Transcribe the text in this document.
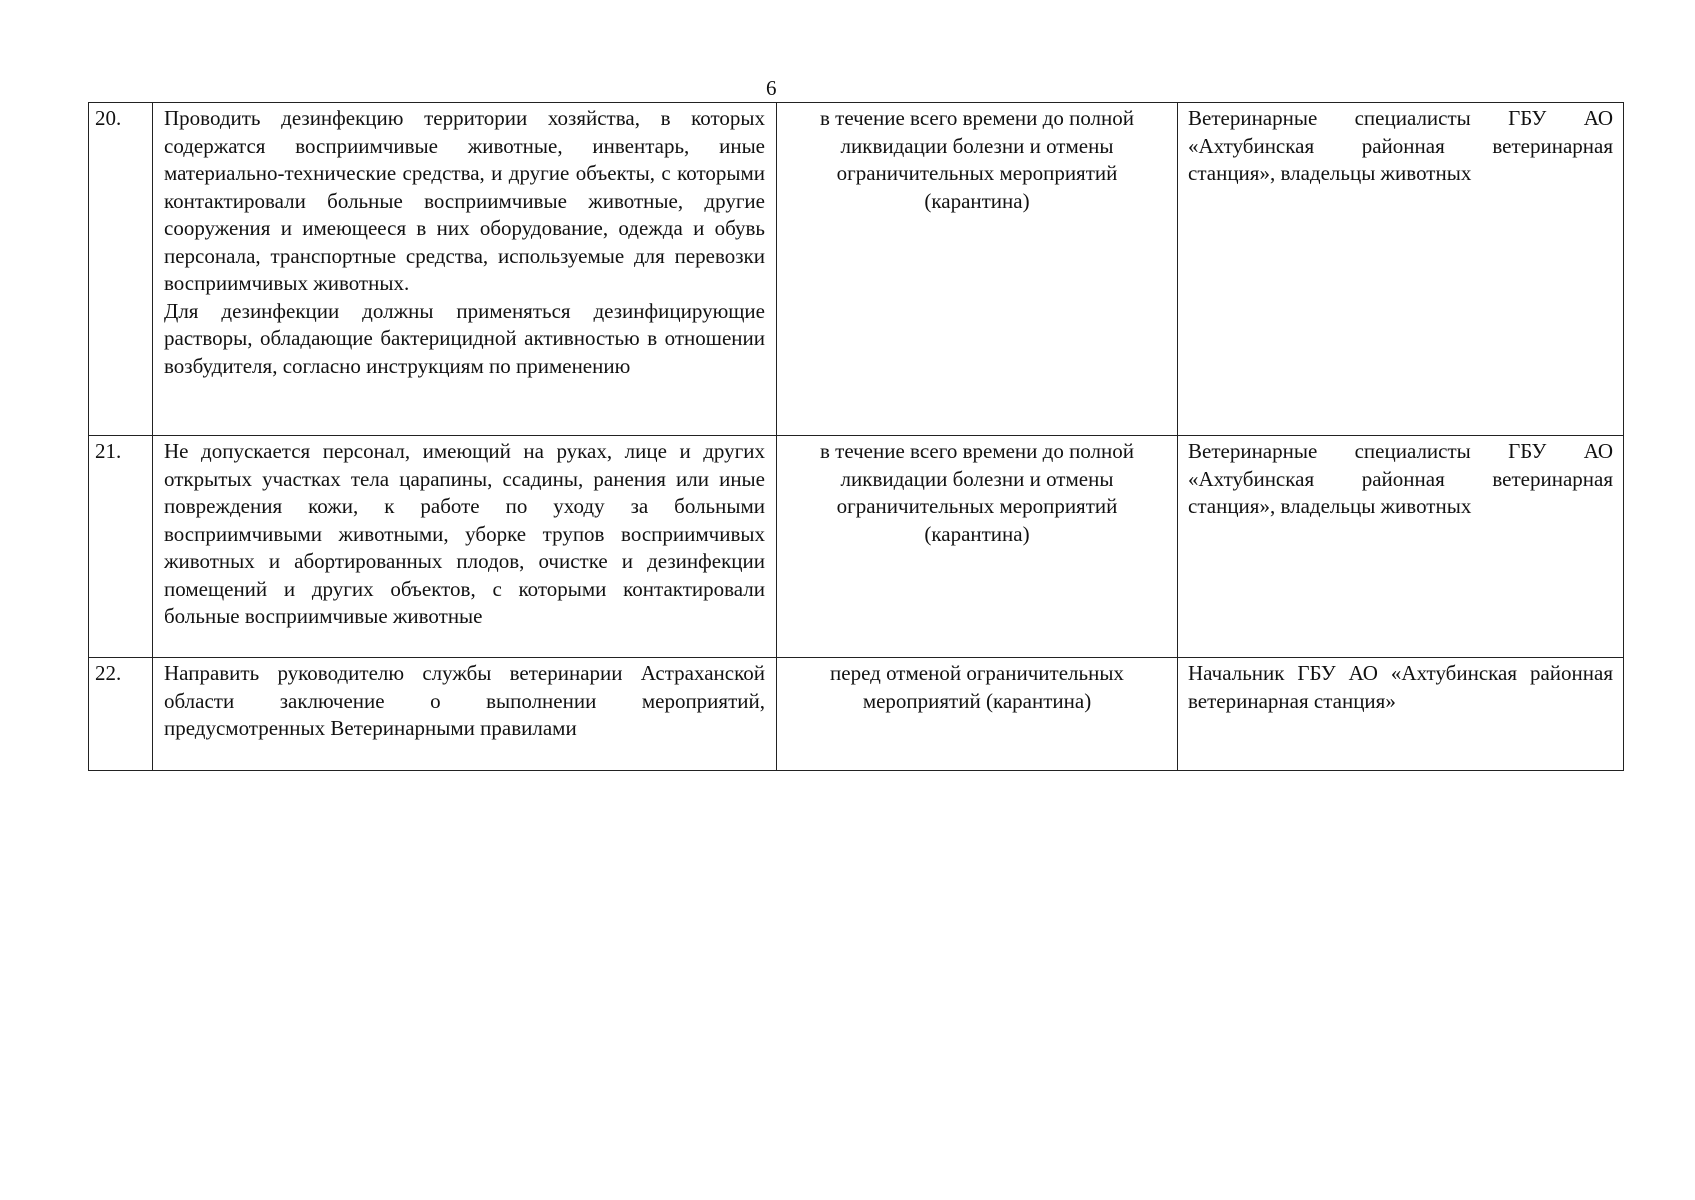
6
20.	Проводить дезинфекцию территории хозяйства, в которых содержатся восприимчивые животные, инвентарь, иные материально-технические средства, и другие объекты, с которыми контактировали больные восприимчивые животные, другие сооружения и имеющееся в них оборудование, одежда и обувь персонала, транспортные средства, используемые для перевозки восприимчивых животных.
Для дезинфекции должны применяться дезинфицирующие растворы, обладающие бактерицидной активностью в отношении возбудителя, согласно инструкциям по применению	в течение всего времени до полной ликвидации болезни и отмены ограничительных мероприятий (карантина)	Ветеринарные специалисты ГБУ АО «Ахтубинская районная ветеринарная станция», владельцы животных
21.	Не допускается персонал, имеющий на руках, лице и других открытых участках тела царапины, ссадины, ранения или иные повреждения кожи, к работе по уходу за больными восприимчивыми животными, уборке трупов восприимчивых животных и абортированных плодов, очистке и дезинфекции помещений и других объектов, с которыми контактировали больные восприимчивые животные	в течение всего времени до полной ликвидации болезни и отмены ограничительных мероприятий (карантина)	Ветеринарные специалисты ГБУ АО «Ахтубинская районная ветеринарная станция», владельцы животных
22.	Направить руководителю службы ветеринарии Астраханской области заключение о выполнении мероприятий, предусмотренных Ветеринарными правилами	перед отменой ограничительных мероприятий (карантина)	Начальник ГБУ АО «Ахтубинская районная ветеринарная станция»
